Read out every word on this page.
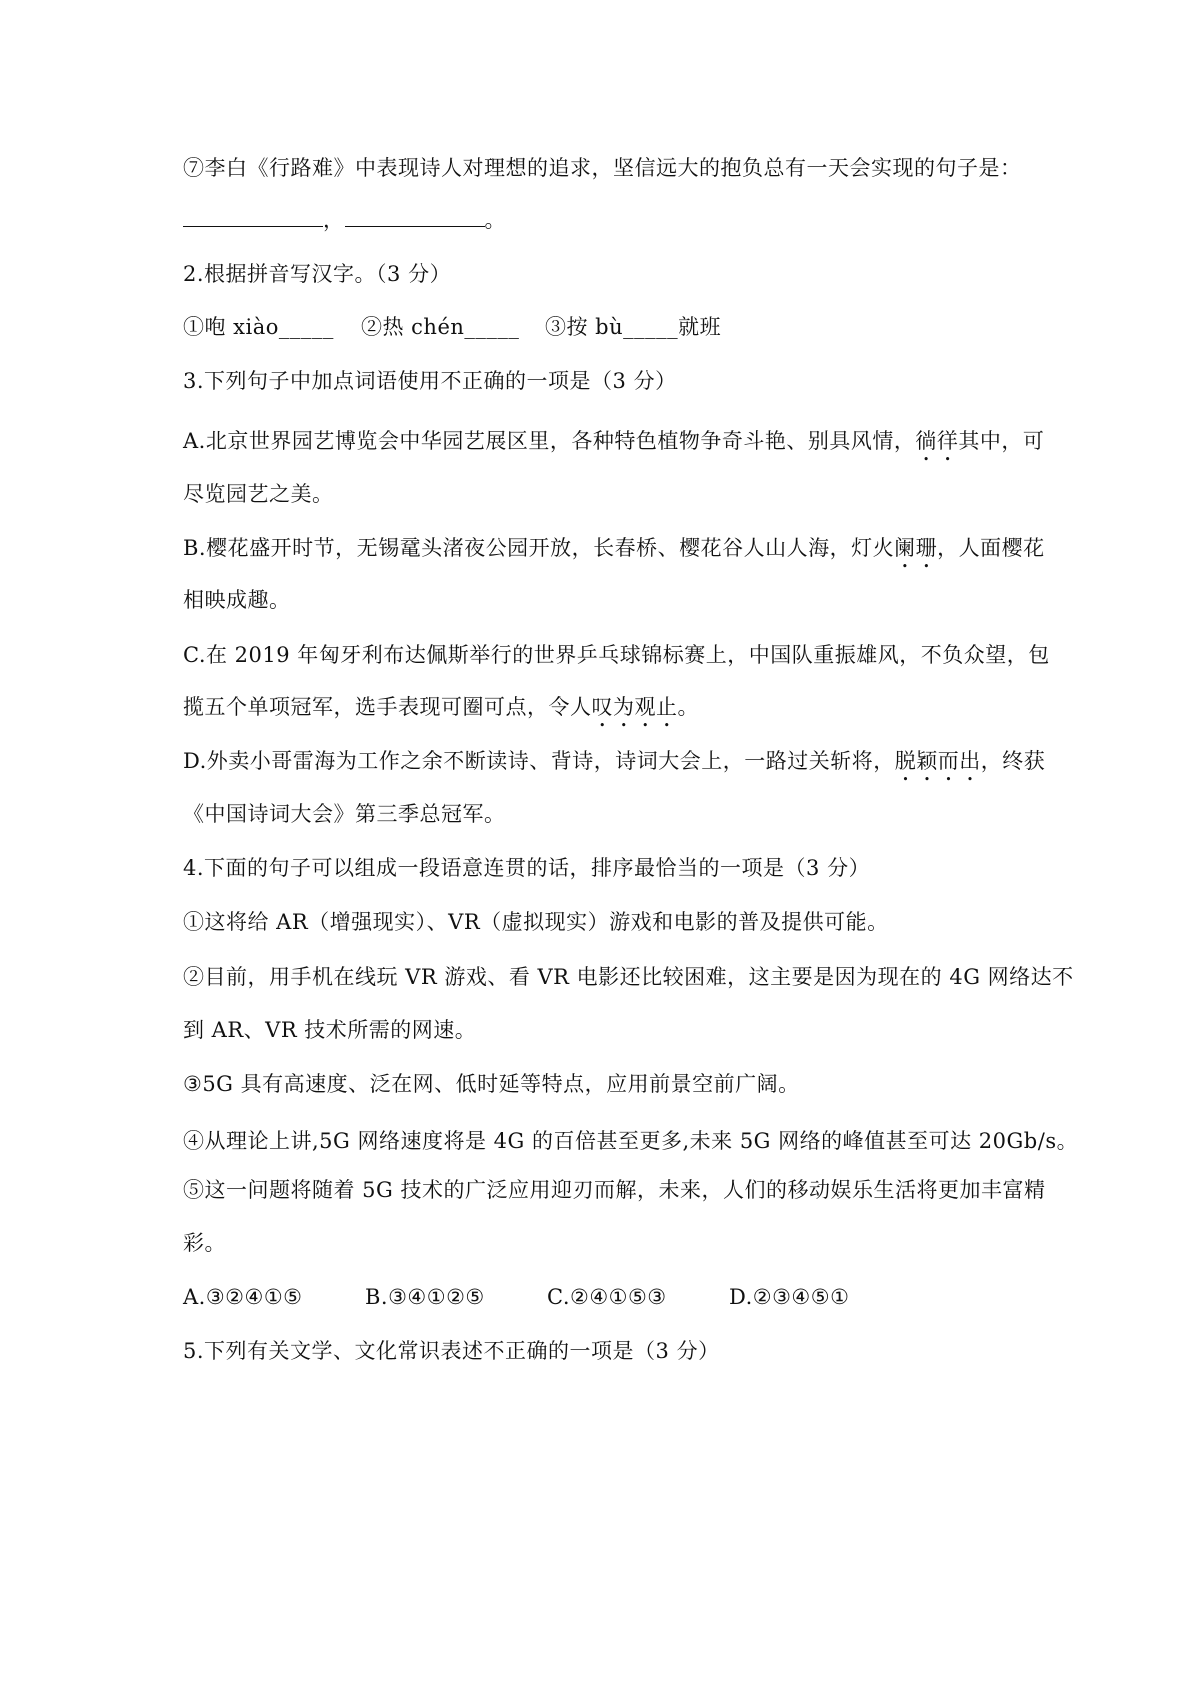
⑦李白《行路难》中表现诗人对理想的追求，坚信远大的抱负总有一天会实现的句子是：
，	。
2.根据拼音写汉字。（3 分）
①咆 xiào_____ ②热 chén_____ ③按 bù_____就班
3.下列句子中加点词语使用不正确的一项是（3 分）
A.北京世界园艺博览会中华园艺展区里，各种特色植物争奇斗艳、别具风情，徜徉其中，可
尽览园艺之美。
B.樱花盛开时节，无锡鼋头渚夜公园开放，长春桥、樱花谷人山人海，灯火阑珊，人面樱花
相映成趣。
C.在 2019 年匈牙利布达佩斯举行的世界乒乓球锦标赛上，中国队重振雄风，不负众望，包
揽五个单项冠军，选手表现可圈可点，令人叹为观止。
D.外卖小哥雷海为工作之余不断读诗、背诗，诗词大会上，一路过关斩将，脱颖而出，终获
《中国诗词大会》第三季总冠军。
4.下面的句子可以组成一段语意连贯的话，排序最恰当的一项是（3 分）
①这将给 AR（增强现实）、VR（虚拟现实）游戏和电影的普及提供可能。
②目前，用手机在线玩 VR 游戏、看 VR 电影还比较困难，这主要是因为现在的 4G 网络达不
到 AR、VR 技术所需的网速。
③5G 具有高速度、泛在网、低时延等特点，应用前景空前广阔。
④从理论上讲,5G 网络速度将是 4G 的百倍甚至更多,未来 5G 网络的峰值甚至可达 20Gb/s。
⑤这一问题将随着 5G 技术的广泛应用迎刃而解，未来，人们的移动娱乐生活将更加丰富精
彩。
A.③②④①⑤	B.③④①②⑤	C.②④①⑤③	D.②③④⑤①
5.下列有关文学、文化常识表述不正确的一项是（3 分）
